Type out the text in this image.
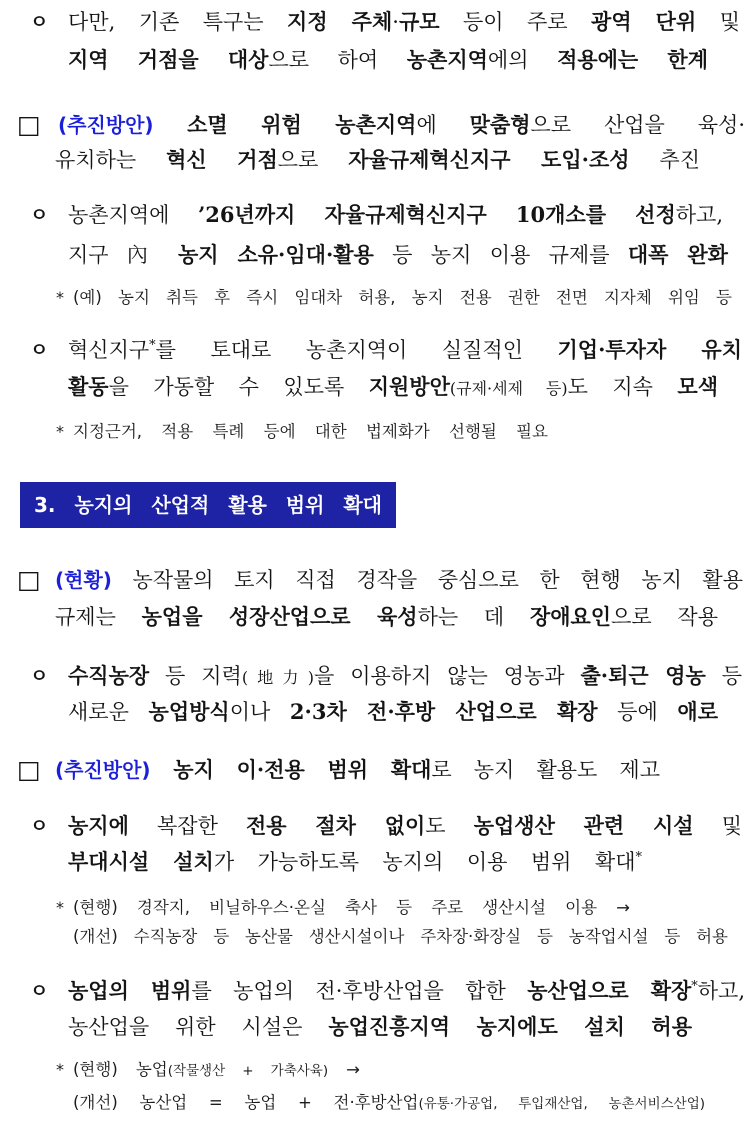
ㅇ 다만, 기존 특구는 지정 주체·규모 등이 주로 광역 단위 및
지역 거점을 대상으로 하여 농촌지역에의 적용에는 한계
□ (추진방안) 소멸 위험 농촌지역에 맞춤형으로 산업을 육성·
유치하는 혁신 거점으로 자율규제혁신지구 도입·조성 추진
ㅇ 농촌지역에 ’26년까지 자율규제혁신지구 10개소를 선정하고,
지구 內 농지 소유·임대·활용 등 농지 이용 규제를 대폭 완화
* (예) 농지 취득 후 즉시 임대차 허용, 농지 전용 권한 전면 지자체 위임 등
ㅇ 혁신지구*를 토대로 농촌지역이 실질적인 기업·투자자 유치
활동을 가동할 수 있도록 지원방안(규제·세제 등)도 지속 모색
* 지정근거, 적용 특례 등에 대한 법제화가 선행될 필요
3. 농지의 산업적 활용 범위 확대
□ (현황) 농작물의 토지 직접 경작을 중심으로 한 현행 농지 활용
규제는 농업을 성장산업으로 육성하는 데 장애요인으로 작용
ㅇ 수직농장 등 지력(地力)을 이용하지 않는 영농과 출·퇴근 영농 등
새로운 농업방식이나 2·3차 전·후방 산업으로 확장 등에 애로
□ (추진방안) 농지 이·전용 범위 확대로 농지 활용도 제고
ㅇ 농지에 복잡한 전용 절차 없이도 농업생산 관련 시설 및
부대시설 설치가 가능하도록 농지의 이용 범위 확대*
* (현행) 경작지, 비닐하우스·온실 축사 등 주로 생산시설 이용 →
(개선) 수직농장 등 농산물 생산시설이나 주차장·화장실 등 농작업시설 등 허용
ㅇ 농업의 범위를 농업의 전·후방산업을 합한 농산업으로 확장*하고,
농산업을 위한 시설은 농업진흥지역 농지에도 설치 허용
* (현행) 농업(작물생산 + 가축사육) →
(개선) 농산업 = 농업 + 전·후방산업(유통·가공업, 투입재산업, 농촌서비스산업)
